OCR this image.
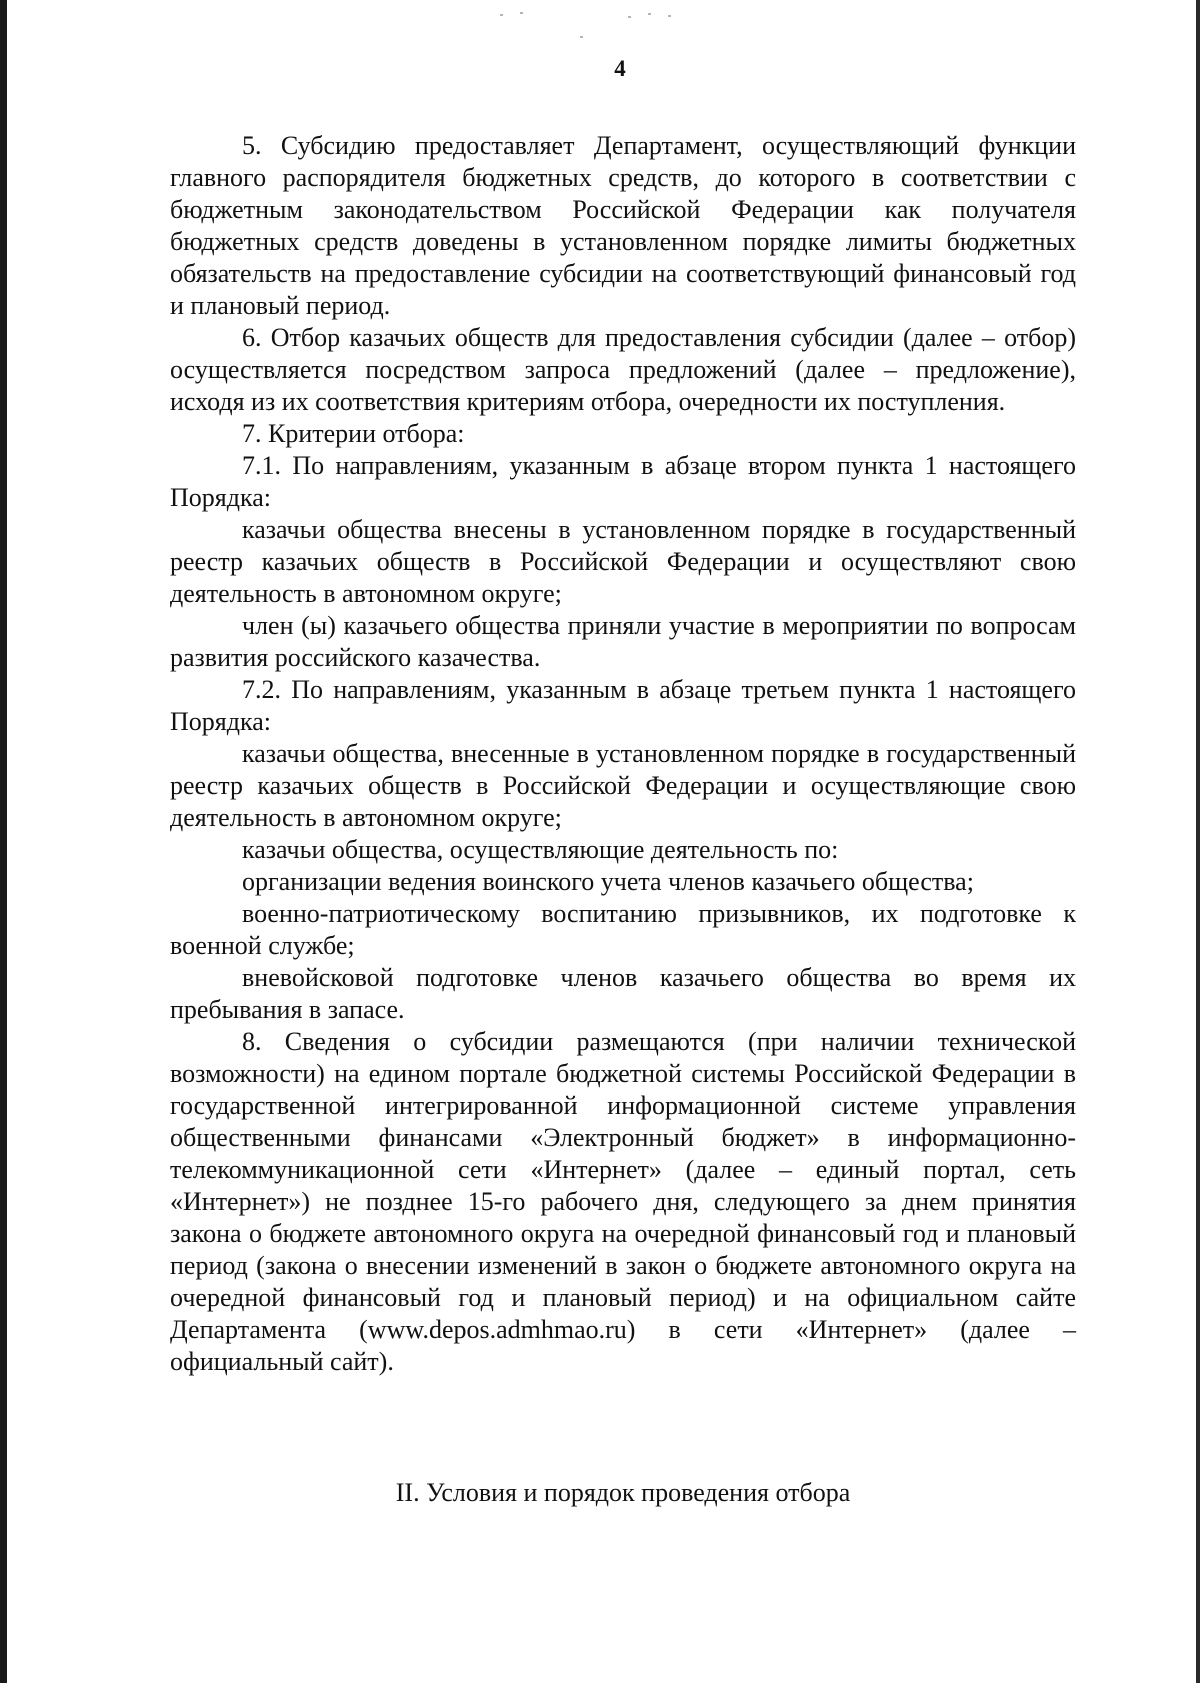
4

5. Субсидию предоставляет Департамент, осуществляющий функции главного распорядителя бюджетных средств, до которого в соответствии с бюджетным законодательством Российской Федерации как получателя бюджетных средств доведены в установленном порядке лимиты бюджетных обязательств на предоставление субсидии на соответствующий финансовый год и плановый период.

6. Отбор казачьих обществ для предоставления субсидии (далее – отбор) осуществляется посредством запроса предложений (далее – предложение), исходя из их соответствия критериям отбора, очередности их поступления.

7. Критерии отбора:

7.1. По направлениям, указанным в абзаце втором пункта 1 настоящего Порядка:

казачьи общества внесены в установленном порядке в государственный реестр казачьих обществ в Российской Федерации и осуществляют свою деятельность в автономном округе;

член (ы) казачьего общества приняли участие в мероприятии по вопросам развития российского казачества.

7.2. По направлениям, указанным в абзаце третьем пункта 1 настоящего Порядка:

казачьи общества, внесенные в установленном порядке в государственный реестр казачьих обществ в Российской Федерации и осуществляющие свою деятельность в автономном округе;

казачьи общества, осуществляющие деятельность по:

организации ведения воинского учета членов казачьего общества;

военно-патриотическому воспитанию призывников, их подготовке к военной службе;

вневойсковой подготовке членов казачьего общества во время их пребывания в запасе.

8. Сведения о субсидии размещаются (при наличии технической возможности) на едином портале бюджетной системы Российской Федерации в государственной интегрированной информационной системе управления общественными финансами «Электронный бюджет» в информационно-телекоммуникационной сети «Интернет» (далее – единый портал, сеть «Интернет») не позднее 15-го рабочего дня, следующего за днем принятия закона о бюджете автономного округа на очередной финансовый год и плановый период (закона о внесении изменений в закон о бюджете автономного округа на очередной финансовый год и плановый период) и на официальном сайте Департамента (www.depos.admhmao.ru) в сети «Интернет» (далее – официальный сайт).

II. Условия и порядок проведения отбора
